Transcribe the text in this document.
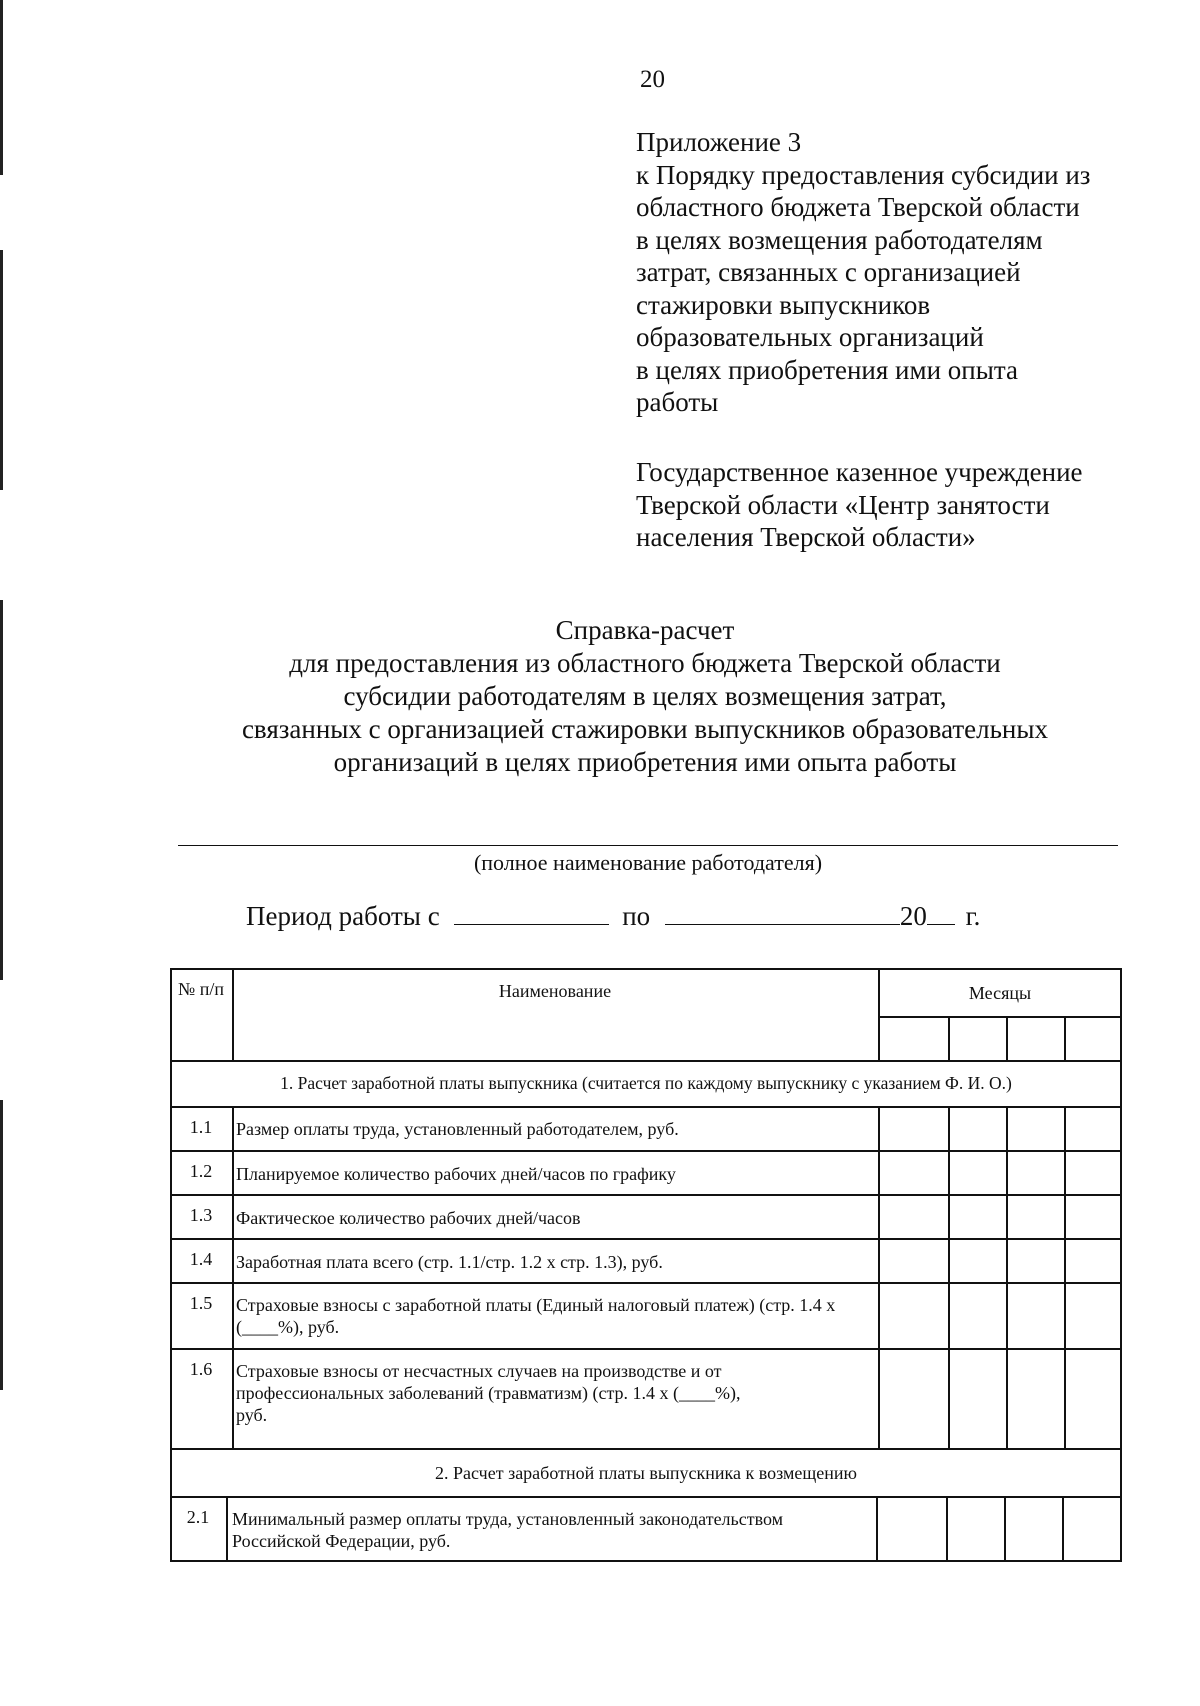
20
Приложение 3
к Порядку предоставления субсидии из
областного бюджета Тверской области
в целях возмещения работодателям
затрат, связанных с организацией
стажировки выпускников
образовательных организаций
в целях приобретения ими опыта
работы
Государственное казенное учреждение
Тверской области «Центр занятости
населения Тверской области»
Справка-расчет
для предоставления из областного бюджета Тверской области
субсидии работодателям в целях возмещения затрат,
связанных с организацией стажировки выпускников образовательных
организаций в целях приобретения ими опыта работы
(полное наименование работодателя)
Период работы с	по	20 г.
№ п/п	Наименование	Месяцы
1. Расчет заработной платы выпускника (считается по каждому выпускнику с указанием Ф. И. О.)
1.1	Размер оплаты труда, установленный работодателем, руб.
1.2	Планируемое количество рабочих дней/часов по графику
1.3	Фактическое количество рабочих дней/часов
1.4	Заработная плата всего (стр. 1.1/стр. 1.2 x стр. 1.3), руб.
1.5	Страховые взносы с заработной платы (Единый налоговый платеж) (стр. 1.4 x (____%), руб.
1.6	Страховые взносы от несчастных случаев на производстве и от профессиональных заболеваний (травматизм) (стр. 1.4 x (____%), руб.
2. Расчет заработной платы выпускника к возмещению
2.1	Минимальный размер оплаты труда, установленный законодательством Российской Федерации, руб.
